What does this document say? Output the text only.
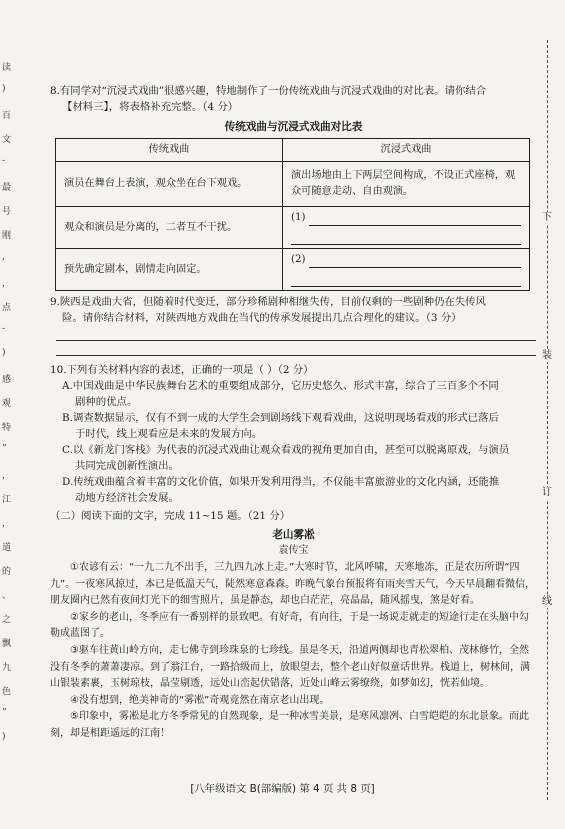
读
)
百
文
-
最
号
刚
,
，
点
-
)
感
观
特
”
，
江
，
道
的
、
之
飘
九
色
”
)
下
装
订
线

8.有同学对“沉浸式戏曲”很感兴趣，特地制作了一份传统戏曲与沉浸式戏曲的对比表。请你结合

【材料三】，将表格补充完整。（4 分）

传统戏曲与沉浸式戏曲对比表
传统戏曲	沉浸式戏曲
演员在舞台上表演，观众坐在台下观戏。	演出场地由上下两层空间构成，不设正式座椅，观众可随意走动、自由观演。
观众和演员是分离的，二者互不干扰。	(1)

预先确定剧本，剧情走向固定。	(2)

9.陕西是戏曲大省，但随着时代变迁，部分珍稀剧种相继失传，目前仅剩的一些剧种仍在失传风

险。请你结合材料，对陕西地方戏曲在当代的传承发展提出几点合理化的建议。（3 分）

10.下列有关材料内容的表述，正确的一项是（ ）（2 分）

A.中国戏曲是中华民族舞台艺术的重要组成部分，它历史悠久、形式丰富，综合了三百多个不同

剧种的优点。

B.调查数据显示，仅有不到一成的大学生会到剧场线下观看戏曲，这说明现场看戏的形式已落后

于时代，线上观看应是未来的发展方向。

C.以《新龙门客栈》为代表的沉浸式戏曲让观众看戏的视角更加自由，甚至可以脱离原戏，与演员

共同完成创新性演出。

D.传统戏曲蕴含着丰富的文化价值，如果开发利用得当，不仅能丰富旅游业的文化内涵，还能推

动地方经济社会发展。

（二）阅读下面的文字，完成 11~15 题。（21 分）

老山雾凇
袁传宝

①农谚有云：“一九二九不出手，三九四九冰上走。”大寒时节，北风呼啸，天寒地冻，正是农历所谓“四九”。一夜寒风掠过，本已是低温天气，陡然寒意森森。昨晚气象台预报将有雨夹雪天气，今天早晨翻看微信，朋友圈内已然有夜间灯光下的细雪照片，虽是静态，却也白茫茫，亮晶晶，随风摇曳，煞是好看。

②家乡的老山，冬季应有一番别样的景致吧。有好奇，有向往，于是一场说走就走的短途行走在头脑中勾勒成蓝图了。

③驱车往黄山岭方向，走七佛寺到珍珠泉的七珍线。虽是冬天，沿道两侧却也青松翠柏、茂林修竹，全然没有冬季的萧萧凄凉。到了翁江台，一路拾级而上，放眼望去，整个老山好似童话世界。栈道上，树林间，满山银装素裹，玉树琼枝，晶莹剔透，远处山峦起伏错落，近处山峰云雾缭绕，如梦如幻，恍若仙境。

④没有想到，绝美神奇的“雾凇”奇观竟然在南京老山出现。

⑤印象中，雾凇是北方冬季常见的自然现象，是一种冰雪美景，是寒风凛冽、白雪皑皑的东北景象。而此刻，却是相距遥远的江南！

[八年级语文 B(部编版) 第 4 页 共 8 页]
